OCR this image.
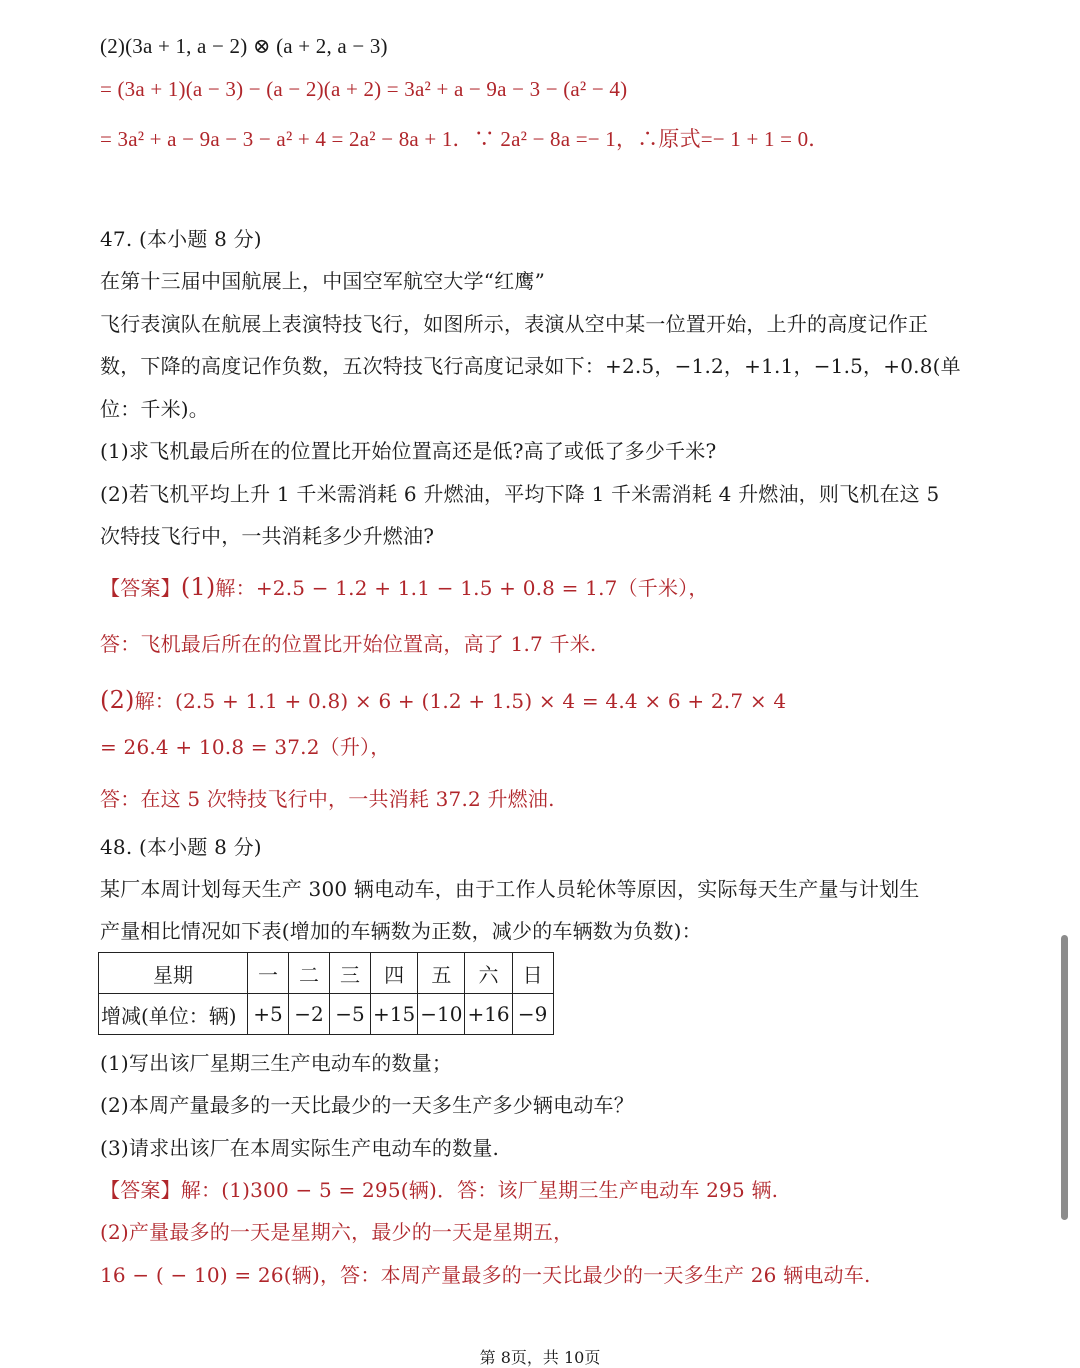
(2)(3a + 1, a − 2) ⊗ (a + 2, a − 3)
= (3a + 1)(a − 3) − (a − 2)(a + 2) = 3a² + a − 9a − 3 − (a² − 4)
= 3a² + a − 9a − 3 − a² + 4 = 2a² − 8a + 1．∵ 2a² − 8a =− 1，∴原式=− 1 + 1 = 0．
47. (本小题 8 分)
在第十三届中国航展上，中国空军航空大学“红鹰”
飞行表演队在航展上表演特技飞行，如图所示，表演从空中某一位置开始，上升的高度记作正
数，下降的高度记作负数，五次特技飞行高度记录如下：+2.5，−1.2，+1.1，−1.5，+0.8(单
位：千米)。
(1)求飞机最后所在的位置比开始位置高还是低?高了或低了多少千米?
(2)若飞机平均上升 1 千米需消耗 6 升燃油，平均下降 1 千米需消耗 4 升燃油，则飞机在这 5
次特技飞行中，一共消耗多少升燃油?
【答案】(1)解：+2.5 − 1.2 + 1.1 − 1.5 + 0.8 = 1.7（千米），
答：飞机最后所在的位置比开始位置高，高了 1.7 千米.
(2)解：(2.5 + 1.1 + 0.8) × 6 + (1.2 + 1.5) × 4 = 4.4 × 6 + 2.7 × 4
= 26.4 + 10.8 = 37.2（升），
答：在这 5 次特技飞行中，一共消耗 37.2 升燃油.
48. (本小题 8 分)
某厂本周计划每天生产 300 辆电动车，由于工作人员轮休等原因，实际每天生产量与计划生
产量相比情况如下表(增加的车辆数为正数，减少的车辆数为负数)：
星期	一	二	三	四	五	六	日
增减(单位：辆)	+5	−2	−5	+15	−10	+16	−9
(1)写出该厂星期三生产电动车的数量；
(2)本周产量最多的一天比最少的一天多生产多少辆电动车？
(3)请求出该厂在本周实际生产电动车的数量.
【答案】解：(1)300 − 5 = 295(辆)．答：该厂星期三生产电动车 295 辆.
(2)产量最多的一天是星期六，最少的一天是星期五，
16 − ( − 10) = 26(辆)，答：本周产量最多的一天比最少的一天多生产 26 辆电动车.
第 8页，共 10页
